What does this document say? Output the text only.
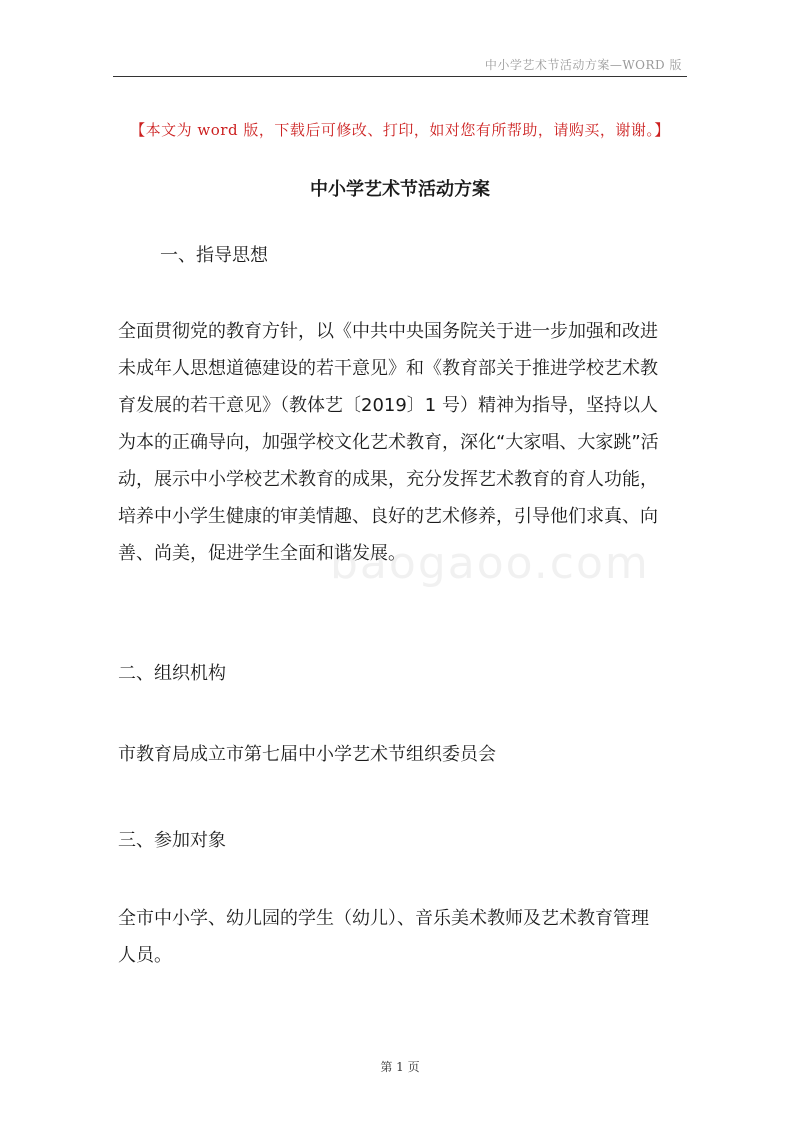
中小学艺术节活动方案—WORD 版
【本文为 word 版，下载后可修改、打印，如对您有所帮助，请购买，谢谢。】
中小学艺术节活动方案
一、指导思想
全面贯彻党的教育方针，以《中共中央国务院关于进一步加强和改进
未成年人思想道德建设的若干意见》和《教育部关于推进学校艺术教
育发展的若干意见》（教体艺〔2019〕1 号）精神为指导，坚持以人
为本的正确导向，加强学校文化艺术教育，深化“大家唱、大家跳”活
动，展示中小学校艺术教育的成果，充分发挥艺术教育的育人功能，
培养中小学生健康的审美情趣、良好的艺术修养，引导他们求真、向
善、尚美，促进学生全面和谐发展。
二、组织机构
市教育局成立市第七届中小学艺术节组织委员会
三、参加对象
全市中小学、幼儿园的学生（幼儿）、音乐美术教师及艺术教育管理
人员。
baogaoo.com
第 1 页
